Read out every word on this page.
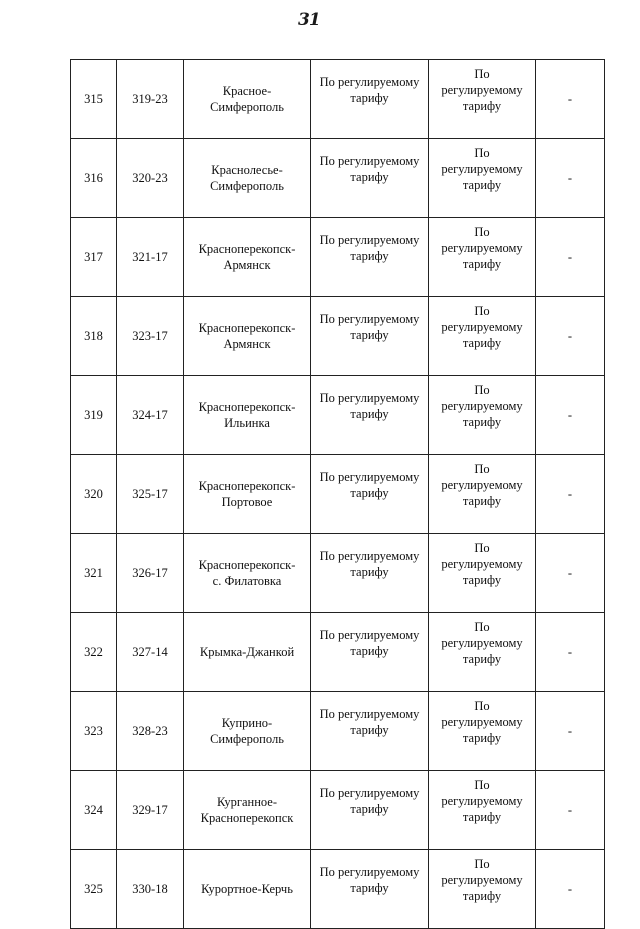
31
315	319-23	Красное-
Симферополь	По регулируемому
тарифу	По
регулируемому
тарифу	-

316	320-23	Краснолесье-
Симферополь	По регулируемому
тарифу	По
регулируемому
тарифу	-

317	321-17	Красноперекопск-
Армянск	По регулируемому
тарифу	По
регулируемому
тарифу	-

318	323-17	Красноперекопск-
Армянск	По регулируемому
тарифу	По
регулируемому
тарифу	-

319	324-17	Красноперекопск-
Ильинка	По регулируемому
тарифу	По
регулируемому
тарифу	-

320	325-17	Красноперекопск-
Портовое	По регулируемому
тарифу	По
регулируемому
тарифу	-

321	326-17	Красноперекопск-
с. Филатовка	По регулируемому
тарифу	По
регулируемому
тарифу	-

322	327-14	Крымка-Джанкой	По регулируемому
тарифу	По
регулируемому
тарифу	-

323	328-23	Куприно-
Симферополь	По регулируемому
тарифу	По
регулируемому
тарифу	-

324	329-17	Курганное-
Красноперекопск	По регулируемому
тарифу	По
регулируемому
тарифу	-

325	330-18	Курортное-Керчь	По регулируемому
тарифу	По
регулируемому
тарифу	-
